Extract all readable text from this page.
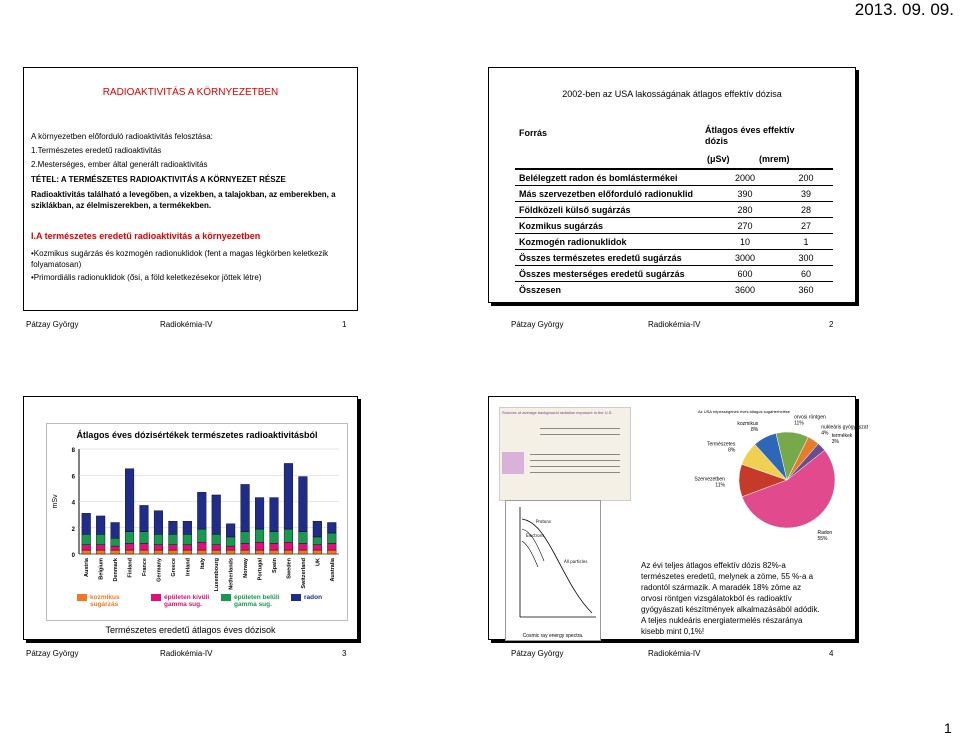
2013. 09. 09.
RADIOAKTIVITÁS A KÖRNYEZETBEN
A környezetben előforduló radioaktivitás felosztása:
1.Természetes eredetű radioaktivitás
2.Mesterséges, ember által generált radioaktivitás
TÉTEL: A TERMÉSZETES RADIOAKTIVITÁS A KÖRNYEZET RÉSZE
Radioaktivitás található a levegőben, a vizekben, a talajokban, az emberekben, a sziklákban, az élelmiszerekben, a termékekben.
I.A természetes eredetű radioaktivitás a környezetben
•Kozmikus sugárzás és kozmogén radionuklidok (fent a magas légkörben keletkezik folyamatosan)
•Primordiális radionuklidok (ősi, a föld keletkezésekor jöttek létre)
Pátzay György	Radiokémia-IV	1
2002-ben az USA lakosságának átlagos effektív dózisa
Forrás	Átlagos éves effektív dózis
(μSv)	(mrem)
Belélegzett radon és bomlástermékei	2000	200
Más szervezetben előforduló radionuklid	390	39
Földközeli külső sugárzás	280	28
Kozmikus sugárzás	270	27
Kozmogén radionuklidok	10	1
Összes természetes eredetű sugárzás	3000	300
Összes mesterséges eredetű sugárzás	600	60
Összesen	3600	360
Pátzay György	Radiokémia-IV	2
Átlagos éves dózisértékek természetes radioaktivitásból
8
6
4
2
0
mSv
Austria Belgium Denmark Finland France Germany Greece Ireland Italy Luxembourg Netherlands Norway Portugal Spain Sweden Switzerland UK Australia
kozmikus sugárzás
épületen kívüli gamma sug.
épületen belüli gamma sug.
radon
Természetes eredetű átlagos éves dózisok
Pátzay György	Radiokémia-IV	3
Sources of average background radiation exposure in the U.S.
Protons
Electrons
All particles
Cosmic ray energy spectra.
Az USA népességének éves átlagos sugárterhelése
Radon 55%
Szervezetben 11%
Természetes 8%
kozmikus 8%
orvosi röntgen 11%
nukleáris gyógyászat 4% termékek 3%
Az évi teljes átlagos effektív dózis 82%-a természetes eredetű, melynek a zöme, 55 %-a a radontól származik. A maradék 18% zöme az orvosi röntgen vizsgálatokból és radioaktív gyógyászati készítmények alkalmazásából adódik. A teljes nukleáris energiatermelés részaránya kisebb mint 0,1%!
Pátzay György	Radiokémia-IV	4
1
